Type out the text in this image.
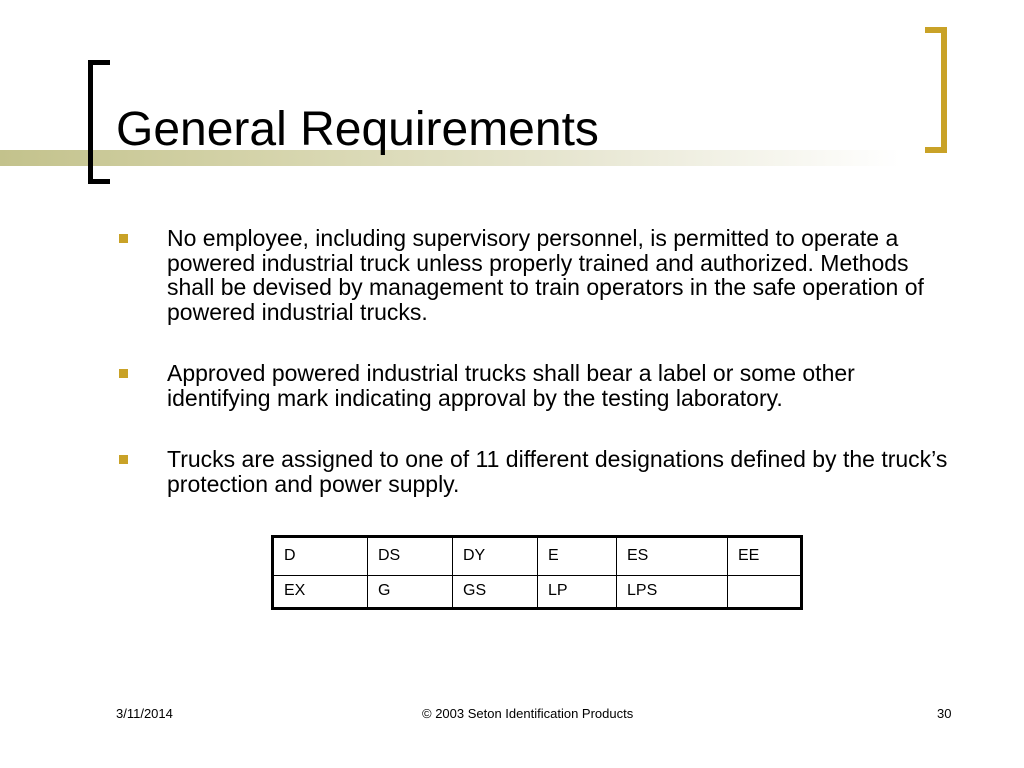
General Requirements
No employee, including supervisory personnel, is permitted to operate a powered industrial truck unless properly trained and authorized. Methods shall be devised by management to train operators in the safe operation of powered industrial trucks.
Approved powered industrial trucks shall bear a label or some other identifying mark indicating approval by the testing laboratory.
Trucks are assigned to one of 11 different designations defined by the truck’s protection and power supply.
D	DS	DY	E	ES	EE
EX	G	GS	LP	LPS	
3/11/2014	© 2003 Seton Identification Products	30
